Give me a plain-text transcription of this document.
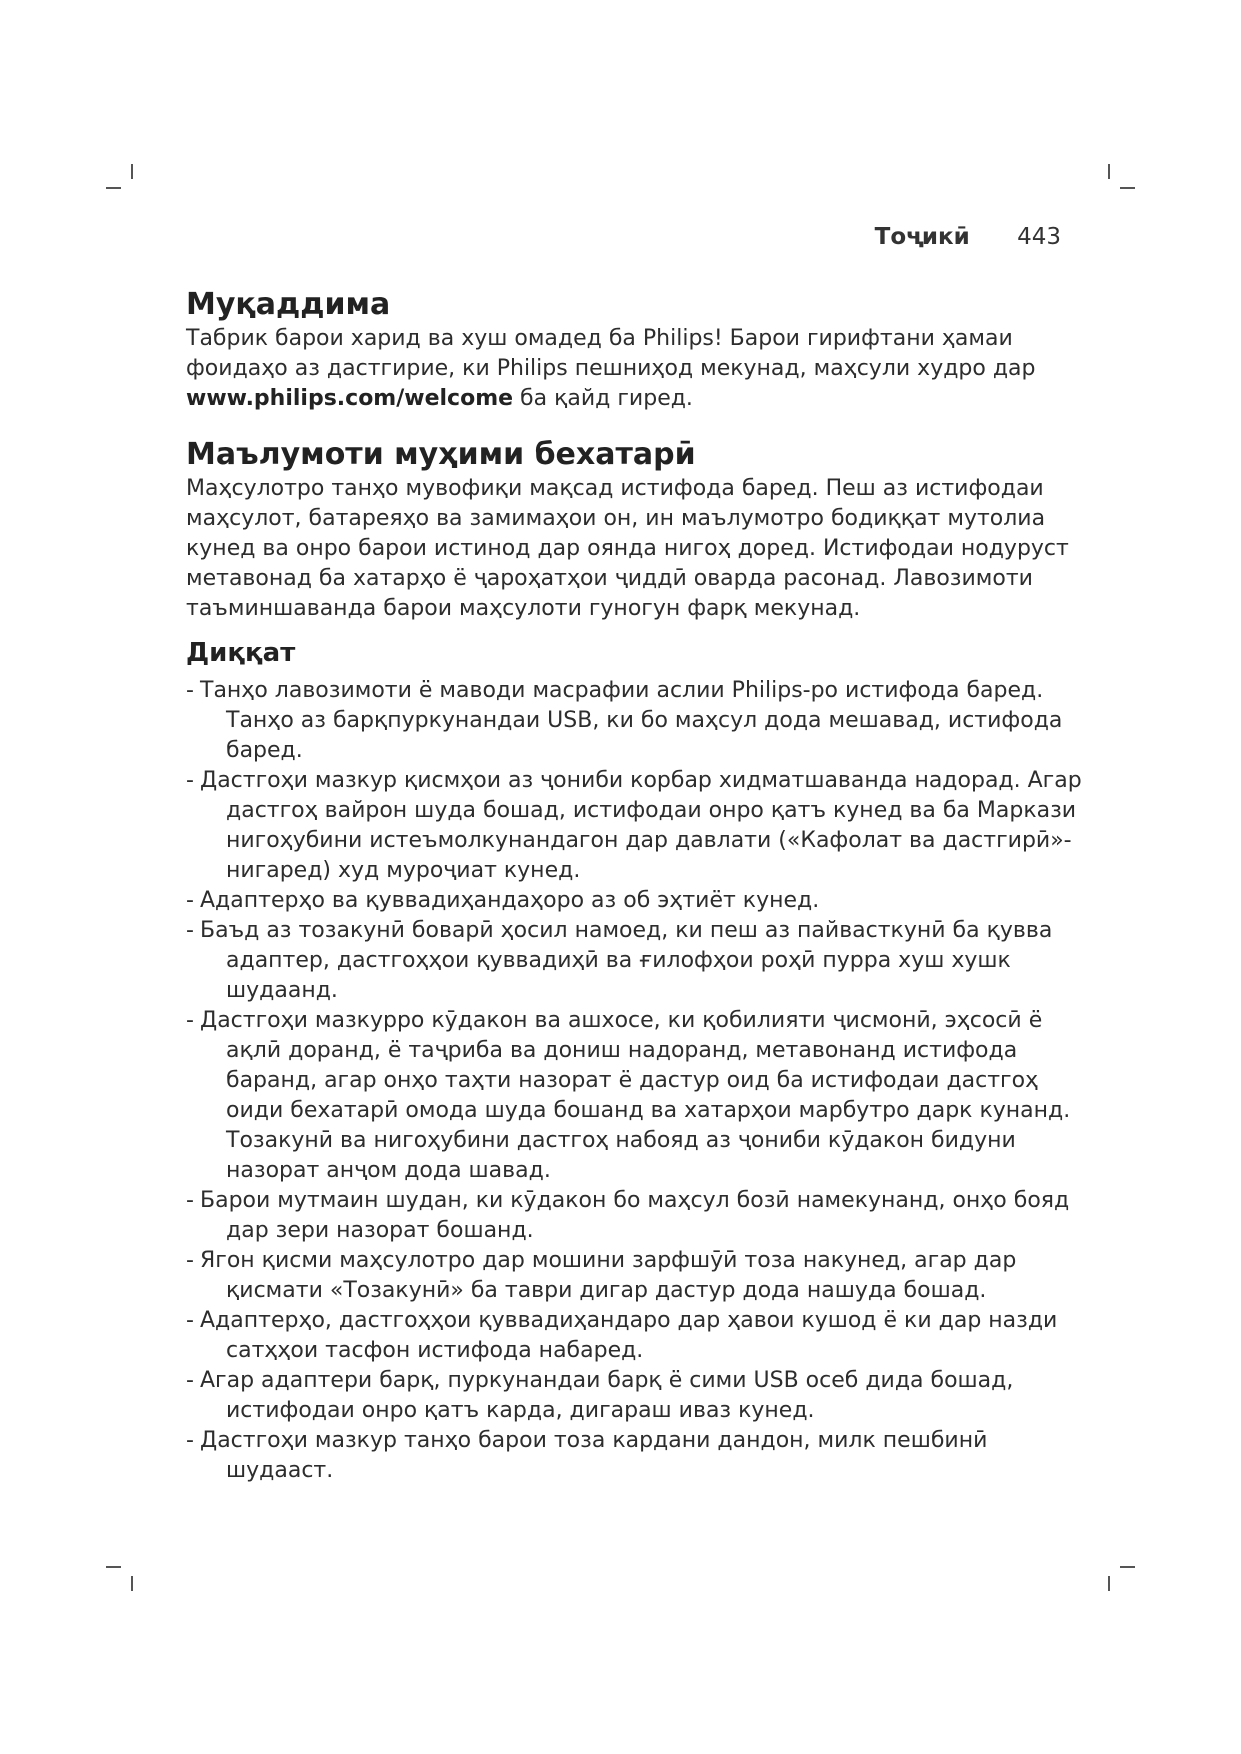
Тоҷикӣ 443
Муқаддима

Табрик барои харид ва хуш омадед ба Philips! Барои гирифтани ҳамаи фоидаҳо аз дастгирие, ки Philips пешниҳод мекунад, маҳсули худро дар www.philips.com/welcome ба қайд гиред.

Маълумоти муҳими бехатарӣ

Маҳсулотро танҳо мувофиқи мақсад истифода баред. Пеш аз истифодаи маҳсулот, батареяҳо ва замимаҳои он, ин маълумотро бодиққат мутолиа кунед ва онро барои истинод дар оянда нигоҳ доред. Истифодаи нодуруст метавонад ба хатарҳо ё ҷароҳатҳои ҷиддӣ оварда расонад. Лавозимоти таъминшаванда барои маҳсулоти гуногун фарқ мекунад.

Диққат
- Танҳо лавозимоти ё маводи масрафии аслии Philips-ро истифода баред. Танҳо аз барқпуркунандаи USB, ки бо маҳсул дода мешавад, истифода баред.
- Дастгоҳи мазкур қисмҳои аз ҷониби корбар хидматшаванда надорад. Агар дастгоҳ вайрон шуда бошад, истифодаи онро қатъ кунед ва ба Маркази нигоҳубини истеъмолкунандагон дар давлати («Кафолат ва дастгирӣ»-нигаред) худ муроҷиат кунед.
- Адаптерҳо ва қуввадиҳандаҳоро аз об эҳтиёт кунед.
- Баъд аз тозакунӣ боварӣ ҳосил намоед, ки пеш аз пайвасткунӣ ба қувва адаптер, дастгоҳҳои қуввадиҳӣ ва ғилофҳои роҳӣ пурра хуш хушк шудаанд.
- Дастгоҳи мазкурро кӯдакон ва ашхосе, ки қобилияти ҷисмонӣ, эҳсосӣ ё ақлӣ доранд, ё таҷриба ва дониш надоранд, метавонанд истифода баранд, агар онҳо таҳти назорат ё дастур оид ба истифодаи дастгоҳ оиди бехатарӣ омода шуда бошанд ва хатарҳои марбутро дарк кунанд. Тозакунӣ ва нигоҳубини дастгоҳ набояд аз ҷониби кӯдакон бидуни назорат анҷом дода шавад.
- Барои мутмаин шудан, ки кӯдакон бо маҳсул бозӣ намекунанд, онҳо бояд дар зери назорат бошанд.
- Ягон қисми маҳсулотро дар мошини зарфшӯӣ тоза накунед, агар дар қисмати «Тозакунӣ» ба таври дигар дастур дода нашуда бошад.
- Адаптерҳо, дастгоҳҳои қуввадиҳандаро дар ҳавои кушод ё ки дар назди сатҳҳои тасфон истифода набаред.
- Агар адаптери барқ, пуркунандаи барқ ё сими USB осеб дида бошад, истифодаи онро қатъ карда, дигараш иваз кунед.
- Дастгоҳи мазкур танҳо барои тоза кардани дандон, милк пешбинӣ шудааст.
